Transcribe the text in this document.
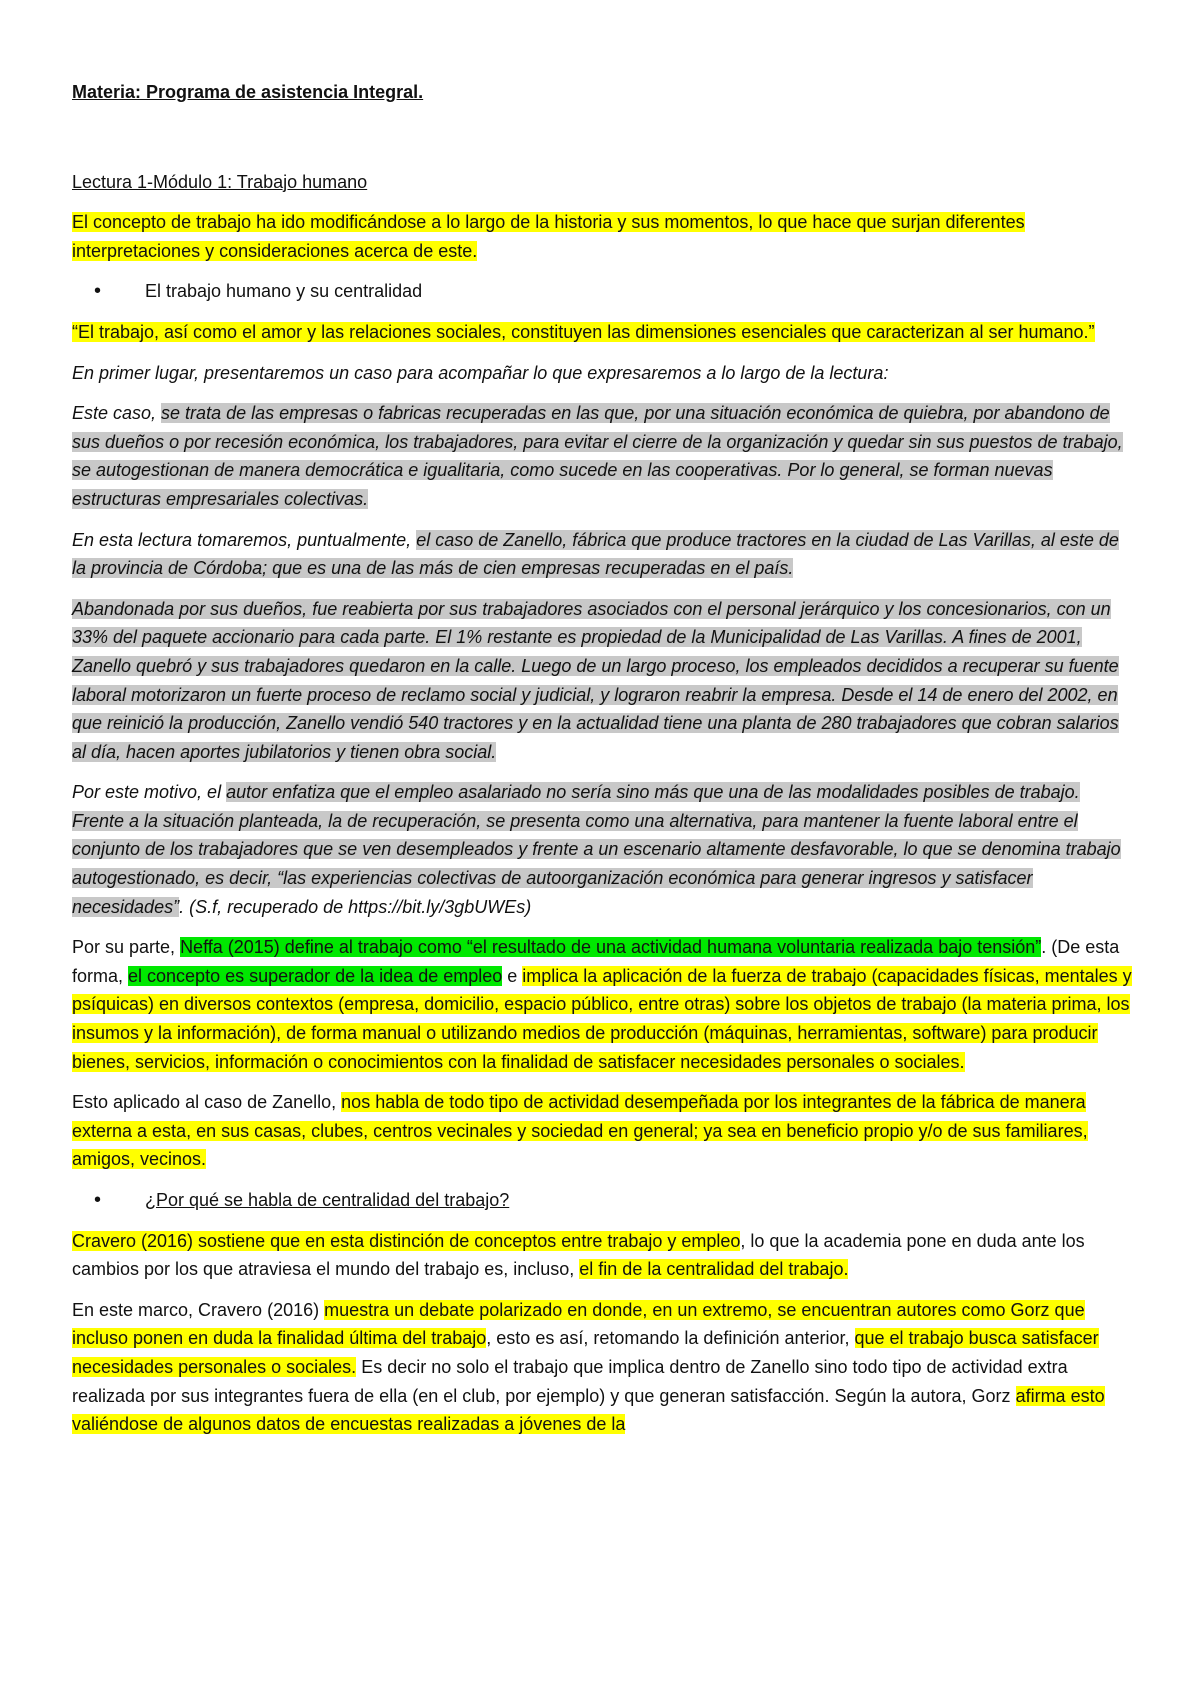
Materia: Programa de asistencia Integral.

Lectura 1-Módulo 1: Trabajo humano

El concepto de trabajo ha ido modificándose a lo largo de la historia y sus momentos, lo que hace que surjan diferentes interpretaciones y consideraciones acerca de este.

• El trabajo humano y su centralidad

“El trabajo, así como el amor y las relaciones sociales, constituyen las dimensiones esenciales que caracterizan al ser humano.”

En primer lugar, presentaremos un caso para acompañar lo que expresaremos a lo largo de la lectura:

Este caso, se trata de las empresas o fabricas recuperadas en las que, por una situación económica de quiebra, por abandono de sus dueños o por recesión económica, los trabajadores, para evitar el cierre de la organización y quedar sin sus puestos de trabajo, se autogestionan de manera democrática e igualitaria, como sucede en las cooperativas. Por lo general, se forman nuevas estructuras empresariales colectivas.

En esta lectura tomaremos, puntualmente, el caso de Zanello, fábrica que produce tractores en la ciudad de Las Varillas, al este de la provincia de Córdoba; que es una de las más de cien empresas recuperadas en el país.

Abandonada por sus dueños, fue reabierta por sus trabajadores asociados con el personal jerárquico y los concesionarios, con un 33% del paquete accionario para cada parte. El 1% restante es propiedad de la Municipalidad de Las Varillas. A fines de 2001, Zanello quebró y sus trabajadores quedaron en la calle. Luego de un largo proceso, los empleados decididos a recuperar su fuente laboral motorizaron un fuerte proceso de reclamo social y judicial, y lograron reabrir la empresa. Desde el 14 de enero del 2002, en que reinició la producción, Zanello vendió 540 tractores y en la actualidad tiene una planta de 280 trabajadores que cobran salarios al día, hacen aportes jubilatorios y tienen obra social.

Por este motivo, el autor enfatiza que el empleo asalariado no sería sino más que una de las modalidades posibles de trabajo. Frente a la situación planteada, la de recuperación, se presenta como una alternativa, para mantener la fuente laboral entre el conjunto de los trabajadores que se ven desempleados y frente a un escenario altamente desfavorable, lo que se denomina trabajo autogestionado, es decir, “las experiencias colectivas de autoorganización económica para generar ingresos y satisfacer necesidades”. (S.f, recuperado de https://bit.ly/3gbUWEs)

Por su parte, Neffa (2015) define al trabajo como “el resultado de una actividad humana voluntaria realizada bajo tensión”. (De esta forma, el concepto es superador de la idea de empleo e implica la aplicación de la fuerza de trabajo (capacidades físicas, mentales y psíquicas) en diversos contextos (empresa, domicilio, espacio público, entre otras) sobre los objetos de trabajo (la materia prima, los insumos y la información), de forma manual o utilizando medios de producción (máquinas, herramientas, software) para producir bienes, servicios, información o conocimientos con la finalidad de satisfacer necesidades personales o sociales.

Esto aplicado al caso de Zanello, nos habla de todo tipo de actividad desempeñada por los integrantes de la fábrica de manera externa a esta, en sus casas, clubes, centros vecinales y sociedad en general; ya sea en beneficio propio y/o de sus familiares, amigos, vecinos.

• ¿Por qué se habla de centralidad del trabajo?

Cravero (2016) sostiene que en esta distinción de conceptos entre trabajo y empleo, lo que la academia pone en duda ante los cambios por los que atraviesa el mundo del trabajo es, incluso, el fin de la centralidad del trabajo.

En este marco, Cravero (2016) muestra un debate polarizado en donde, en un extremo, se encuentran autores como Gorz que incluso ponen en duda la finalidad última del trabajo, esto es así, retomando la definición anterior, que el trabajo busca satisfacer necesidades personales o sociales. Es decir no solo el trabajo que implica dentro de Zanello sino todo tipo de actividad extra realizada por sus integrantes fuera de ella (en el club, por ejemplo) y que generan satisfacción. Según la autora, Gorz afirma esto valiéndose de algunos datos de encuestas realizadas a jóvenes de la
